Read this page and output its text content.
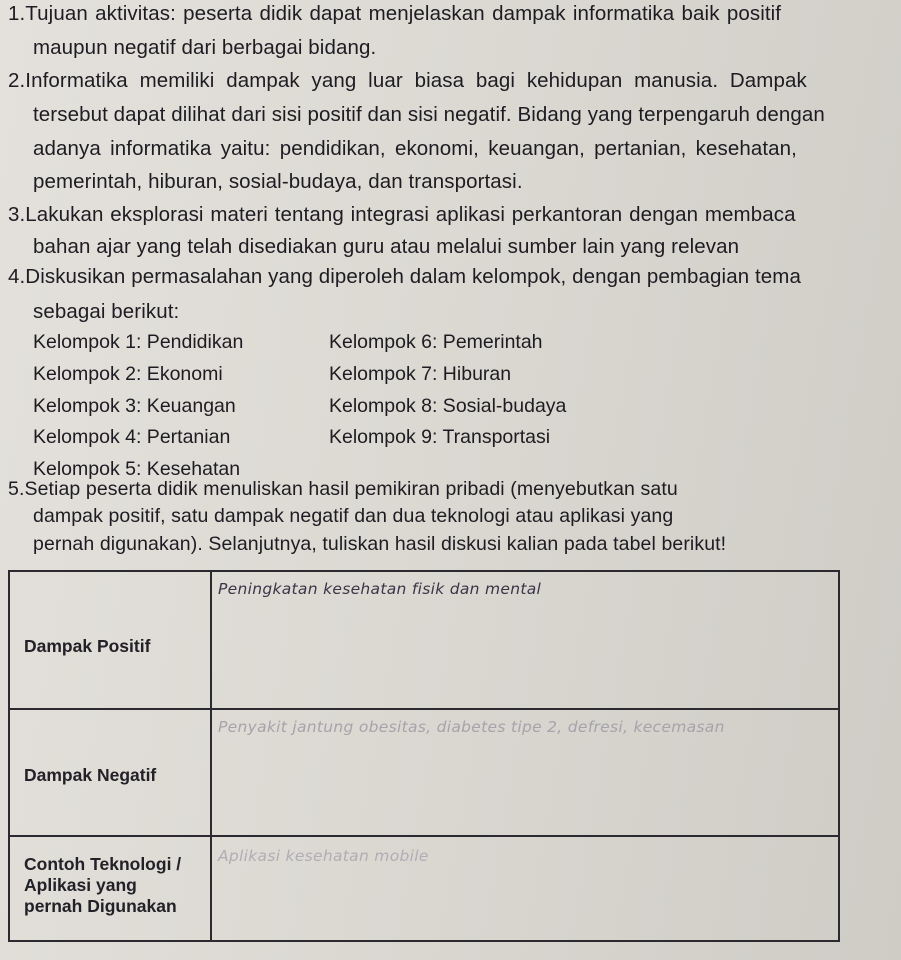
1.Tujuan aktivitas: peserta didik dapat menjelaskan dampak informatika baik positif
maupun negatif dari berbagai bidang.
2.Informatika memiliki dampak yang luar biasa bagi kehidupan manusia. Dampak
tersebut dapat dilihat dari sisi positif dan sisi negatif. Bidang yang terpengaruh dengan
adanya informatika yaitu: pendidikan, ekonomi, keuangan, pertanian, kesehatan,
pemerintah, hiburan, sosial-budaya, dan transportasi.
3.Lakukan eksplorasi materi tentang integrasi aplikasi perkantoran dengan membaca
bahan ajar yang telah disediakan guru atau melalui sumber lain yang relevan
4.Diskusikan permasalahan yang diperoleh dalam kelompok, dengan pembagian tema
sebagai berikut:
Kelompok 1: Pendidikan
Kelompok 2: Ekonomi
Kelompok 3: Keuangan
Kelompok 4: Pertanian
Kelompok 5: Kesehatan
Kelompok 6: Pemerintah
Kelompok 7: Hiburan
Kelompok 8: Sosial-budaya
Kelompok 9: Transportasi
5.Setiap peserta didik menuliskan hasil pemikiran pribadi (menyebutkan satu
dampak positif, satu dampak negatif dan dua teknologi atau aplikasi yang
pernah digunakan). Selanjutnya, tuliskan hasil diskusi kalian pada tabel berikut!
Dampak Positif
Peningkatan kesehatan fisik dan mental
Dampak Negatif
Penyakit jantung obesitas, diabetes tipe 2, defresi, kecemasan
Contoh Teknologi /
Aplikasi yang
pernah Digunakan
Aplikasi kesehatan mobile
